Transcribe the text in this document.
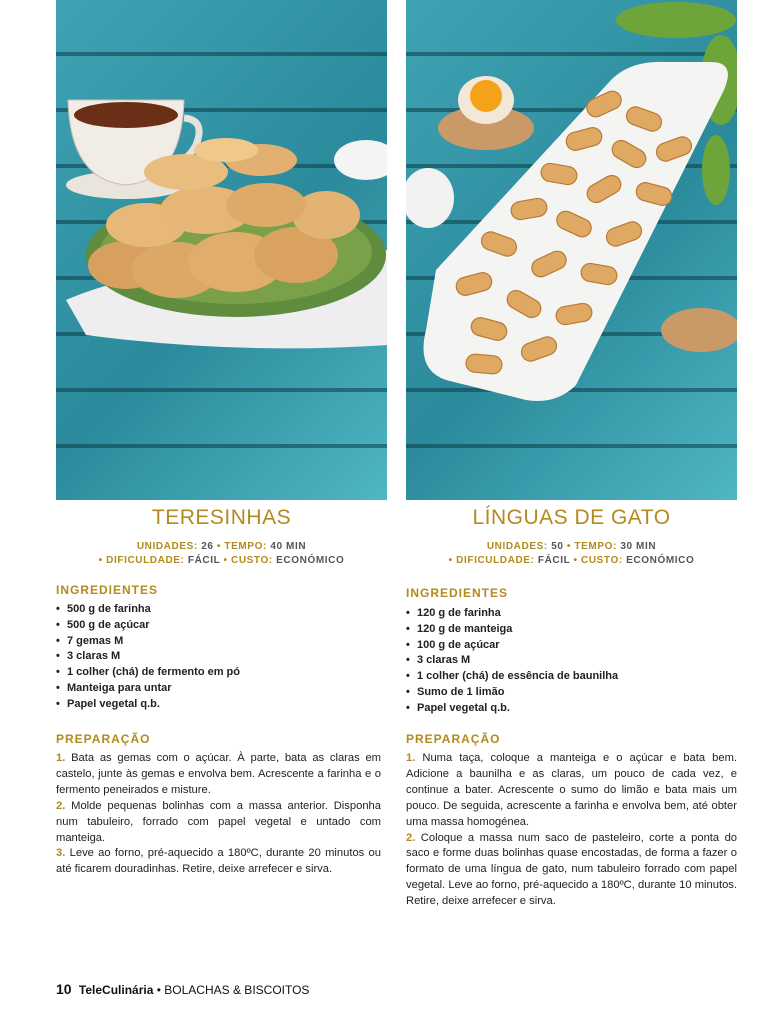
TERESINHAS
UNIDADES: 26 • TEMPO: 40 MIN
• DIFICULDADE: FÁCIL • CUSTO: ECONÓMICO
INGREDIENTES
• 500 g de farinha
• 500 g de açúcar
• 7 gemas M
• 3 claras M
• 1 colher (chá) de fermento em pó
• Manteiga para untar
• Papel vegetal q.b.
PREPARAÇÃO

1. Bata as gemas com o açúcar. À parte, bata as claras em castelo, junte às gemas e envolva bem. Acrescente a farinha e o fermento peneirados e misture.

2. Molde pequenas bolinhas com a massa anterior. Disponha num tabuleiro, forrado com papel vegetal e untado com manteiga.

3. Leve ao forno, pré-aquecido a 180ºC, durante 20 minutos ou até ficarem douradinhas. Retire, deixe arrefecer e sirva.

LÍNGUAS DE GATO
UNIDADES: 50 • TEMPO: 30 MIN
• DIFICULDADE: FÁCIL • CUSTO: ECONÓMICO
INGREDIENTES
• 120 g de farinha
• 120 g de manteiga
• 100 g de açúcar
• 3 claras M
• 1 colher (chá) de essência de baunilha
• Sumo de 1 limão
• Papel vegetal q.b.
PREPARAÇÃO

1. Numa taça, coloque a manteiga e o açúcar e bata bem. Adicione a baunilha e as claras, um pouco de cada vez, e continue a bater. Acrescente o sumo do limão e bata mais um pouco. De seguida, acrescente a farinha e envolva bem, até obter uma massa homogénea.

2. Coloque a massa num saco de pasteleiro, corte a ponta do saco e forme duas bolinhas quase encostadas, de forma a fazer o formato de uma língua de gato, num tabuleiro forrado com papel vegetal. Leve ao forno, pré-aquecido a 180ºC, durante 10 minutos. Retire, deixe arrefecer e sirva.

10 TeleCulinária • BOLACHAS & BISCOITOS
